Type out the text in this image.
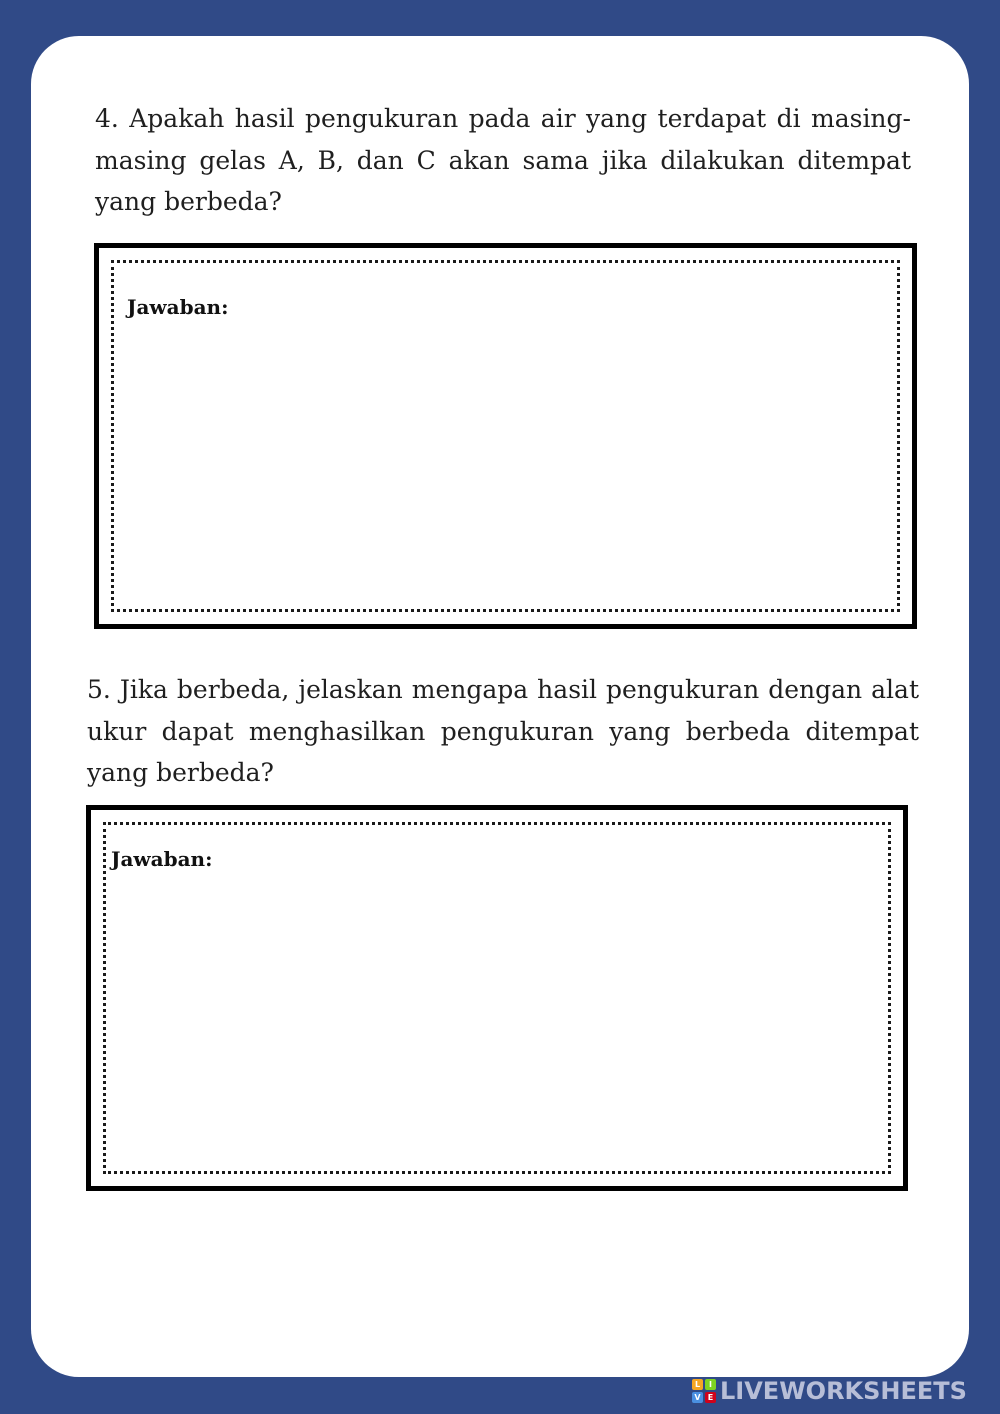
4. Apakah hasil pengukuran pada air yang terdapat di masing-masing gelas A, B, dan C akan sama jika dilakukan ditempat yang berbeda?

Jawaban:

5. Jika berbeda, jelaskan mengapa hasil pengukuran dengan alat ukur dapat menghasilkan pengukuran yang berbeda ditempat yang berbeda?

Jawaban:

L	I
V E LIVEWORKSHEETS
